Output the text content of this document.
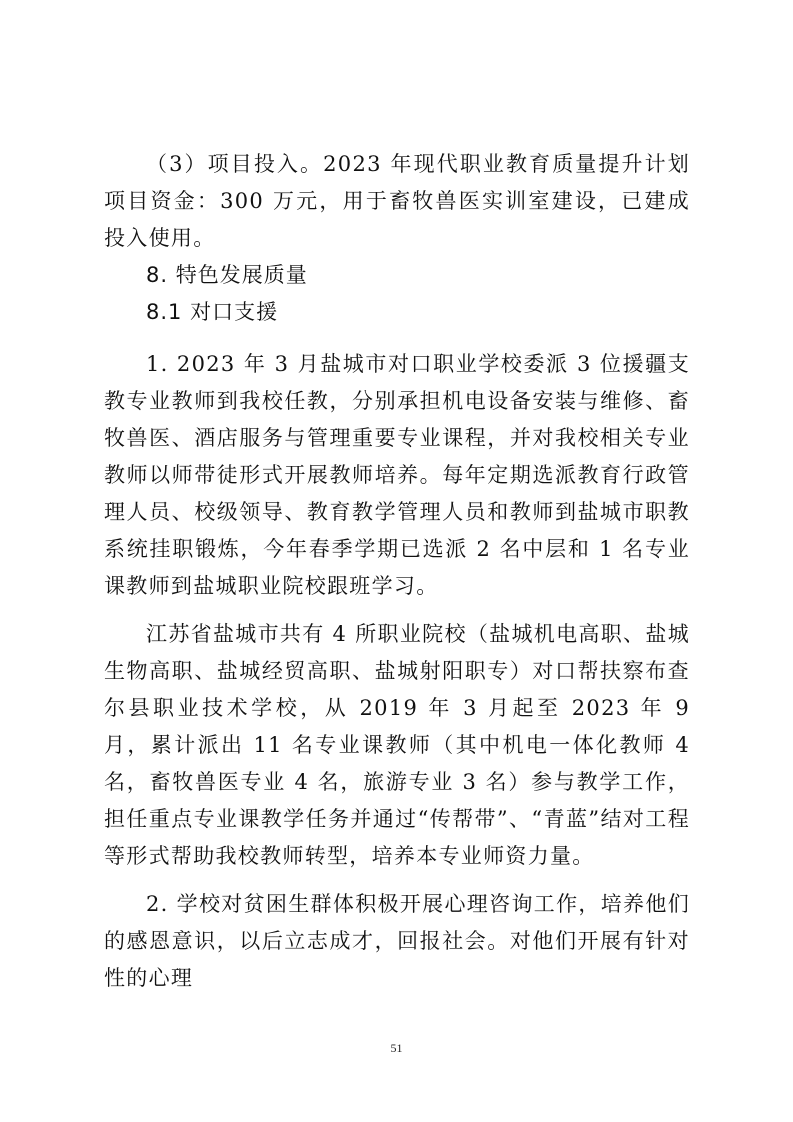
（3）项目投入。2023 年现代职业教育质量提升计划项目资金：300 万元，用于畜牧兽医实训室建设，已建成投入使用。

8. 特色发展质量

8.1 对口支援

1. 2023 年 3 月盐城市对口职业学校委派 3 位援疆支教专业教师到我校任教，分别承担机电设备安装与维修、畜牧兽医、酒店服务与管理重要专业课程，并对我校相关专业教师以师带徒形式开展教师培养。每年定期选派教育行政管理人员、校级领导、教育教学管理人员和教师到盐城市职教系统挂职锻炼，今年春季学期已选派 2 名中层和 1 名专业课教师到盐城职业院校跟班学习。

江苏省盐城市共有 4 所职业院校（盐城机电高职、盐城生物高职、盐城经贸高职、盐城射阳职专）对口帮扶察布查尔县职业技术学校，从 2019 年 3 月起至 2023 年 9 月，累计派出 11 名专业课教师（其中机电一体化教师 4 名，畜牧兽医专业 4 名，旅游专业 3 名）参与教学工作，担任重点专业课教学任务并通过“传帮带”、“青蓝”结对工程等形式帮助我校教师转型，培养本专业师资力量。

2. 学校对贫困生群体积极开展心理咨询工作，培养他们的感恩意识，以后立志成才，回报社会。对他们开展有针对性的心理

51
